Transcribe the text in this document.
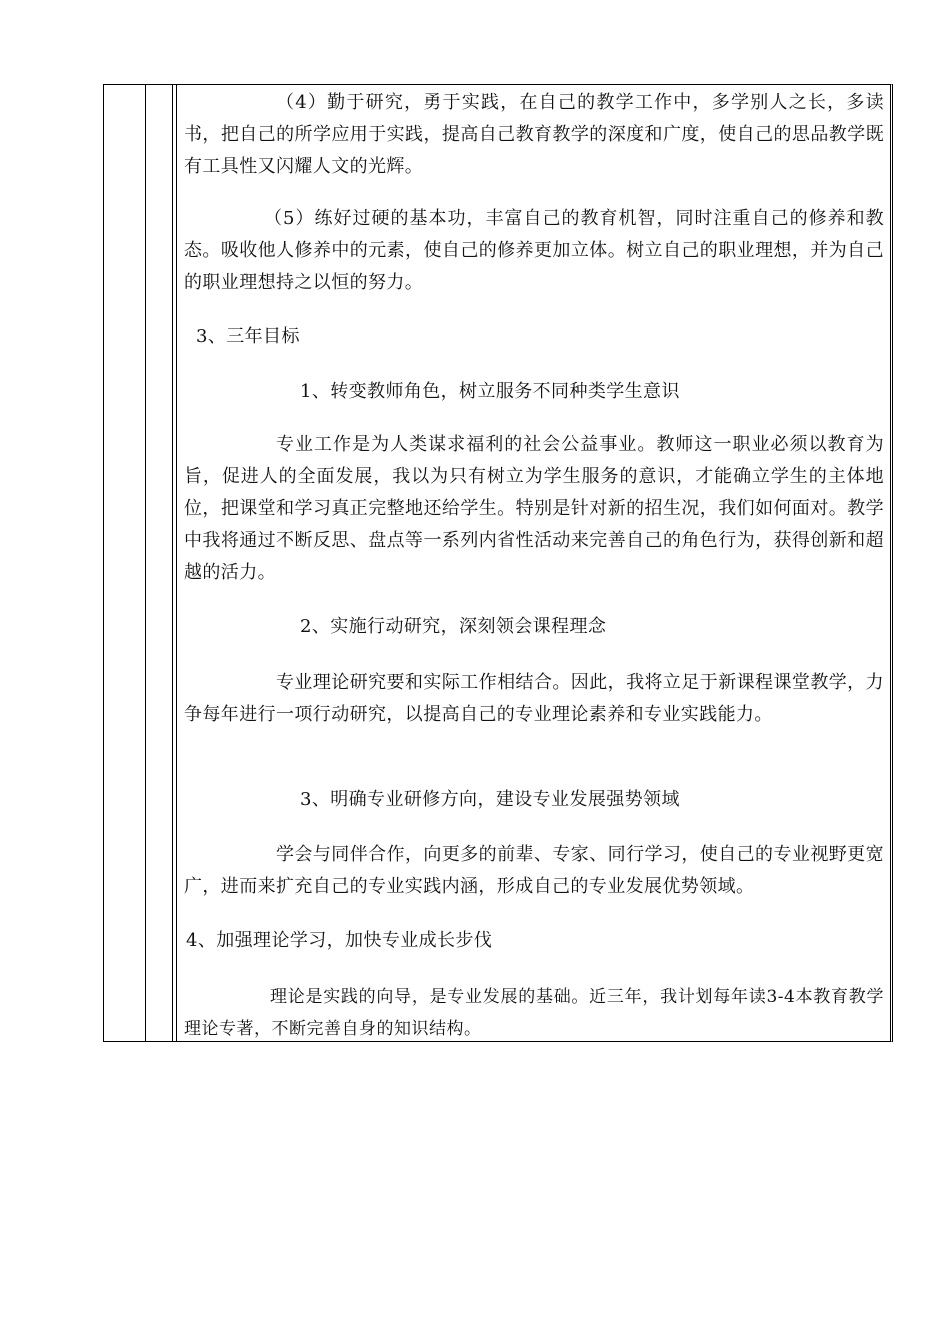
（4）勤于研究，勇于实践，在自己的教学工作中，多学别人之长，多读书，把自己的所学应用于实践，提高自己教育教学的深度和广度，使自己的思品教学既有工具性又闪耀人文的光辉。

（5）练好过硬的基本功，丰富自己的教育机智，同时注重自己的修养和教态。吸收他人修养中的元素，使自己的修养更加立体。树立自己的职业理想，并为自己的职业理想持之以恒的努力。

3、三年目标
1、转变教师角色，树立服务不同种类学生意识

专业工作是为人类谋求福利的社会公益事业。教师这一职业必须以教育为旨，促进人的全面发展，我以为只有树立为学生服务的意识，才能确立学生的主体地位，把课堂和学习真正完整地还给学生。特别是针对新的招生况，我们如何面对。教学中我将通过不断反思、盘点等一系列内省性活动来完善自己的角色行为，获得创新和超越的活力。

2、实施行动研究，深刻领会课程理念

专业理论研究要和实际工作相结合。因此，我将立足于新课程课堂教学，力争每年进行一项行动研究，以提高自己的专业理论素养和专业实践能力。

3、明确专业研修方向，建设专业发展强势领域

学会与同伴合作，向更多的前辈、专家、同行学习，使自己的专业视野更宽广，进而来扩充自己的专业实践内涵，形成自己的专业发展优势领域。

4、加强理论学习，加快专业成长步伐

理论是实践的向导，是专业发展的基础。近三年，我计划每年读3-4本教育教学理论专著，不断完善自身的知识结构。
